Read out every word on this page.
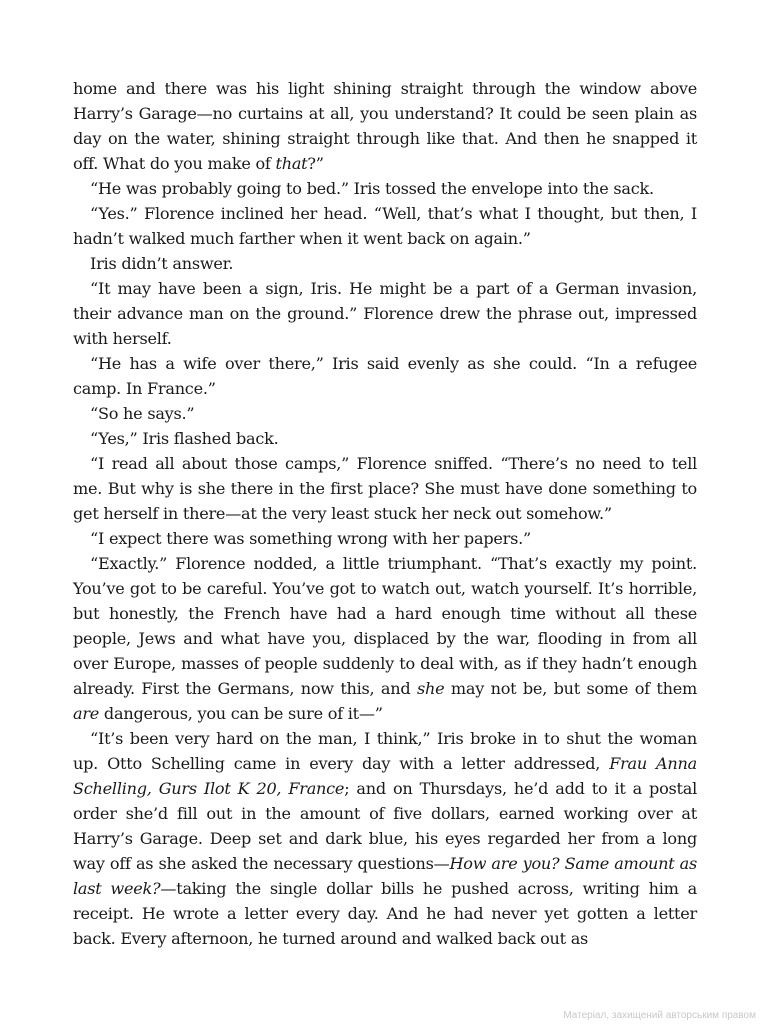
home and there was his light shining straight through the window above Harry’s Garage—no curtains at all, you understand? It could be seen plain as day on the water, shining straight through like that. And then he snapped it off. What do you make of that?”

“He was probably going to bed.” Iris tossed the envelope into the sack.

“Yes.” Florence inclined her head. “Well, that’s what I thought, but then, I hadn’t walked much farther when it went back on again.”

Iris didn’t answer.

“It may have been a sign, Iris. He might be a part of a German invasion, their advance man on the ground.” Florence drew the phrase out, impressed with herself.

“He has a wife over there,” Iris said evenly as she could. “In a refugee camp. In France.”

“So he says.”

“Yes,” Iris flashed back.

“I read all about those camps,” Florence sniffed. “There’s no need to tell me. But why is she there in the first place? She must have done something to get herself in there—at the very least stuck her neck out somehow.”

“I expect there was something wrong with her papers.”

“Exactly.” Florence nodded, a little triumphant. “That’s exactly my point. You’ve got to be careful. You’ve got to watch out, watch yourself. It’s horrible, but honestly, the French have had a hard enough time without all these people, Jews and what have you, displaced by the war, flooding in from all over Europe, masses of people suddenly to deal with, as if they hadn’t enough already. First the Germans, now this, and she may not be, but some of them are dangerous, you can be sure of it—”

“It’s been very hard on the man, I think,” Iris broke in to shut the woman up. Otto Schelling came in every day with a letter addressed, Frau Anna Schelling, Gurs Ilot K 20, France; and on Thursdays, he’d add to it a postal order she’d fill out in the amount of five dollars, earned working over at Harry’s Garage. Deep set and dark blue, his eyes regarded her from a long way off as she asked the necessary questions—How are you? Same amount as last week?—taking the single dollar bills he pushed across, writing him a receipt. He wrote a letter every day. And he had never yet gotten a letter back. Every afternoon, he turned around and walked back out as

Матеріал, захищений авторським правом
